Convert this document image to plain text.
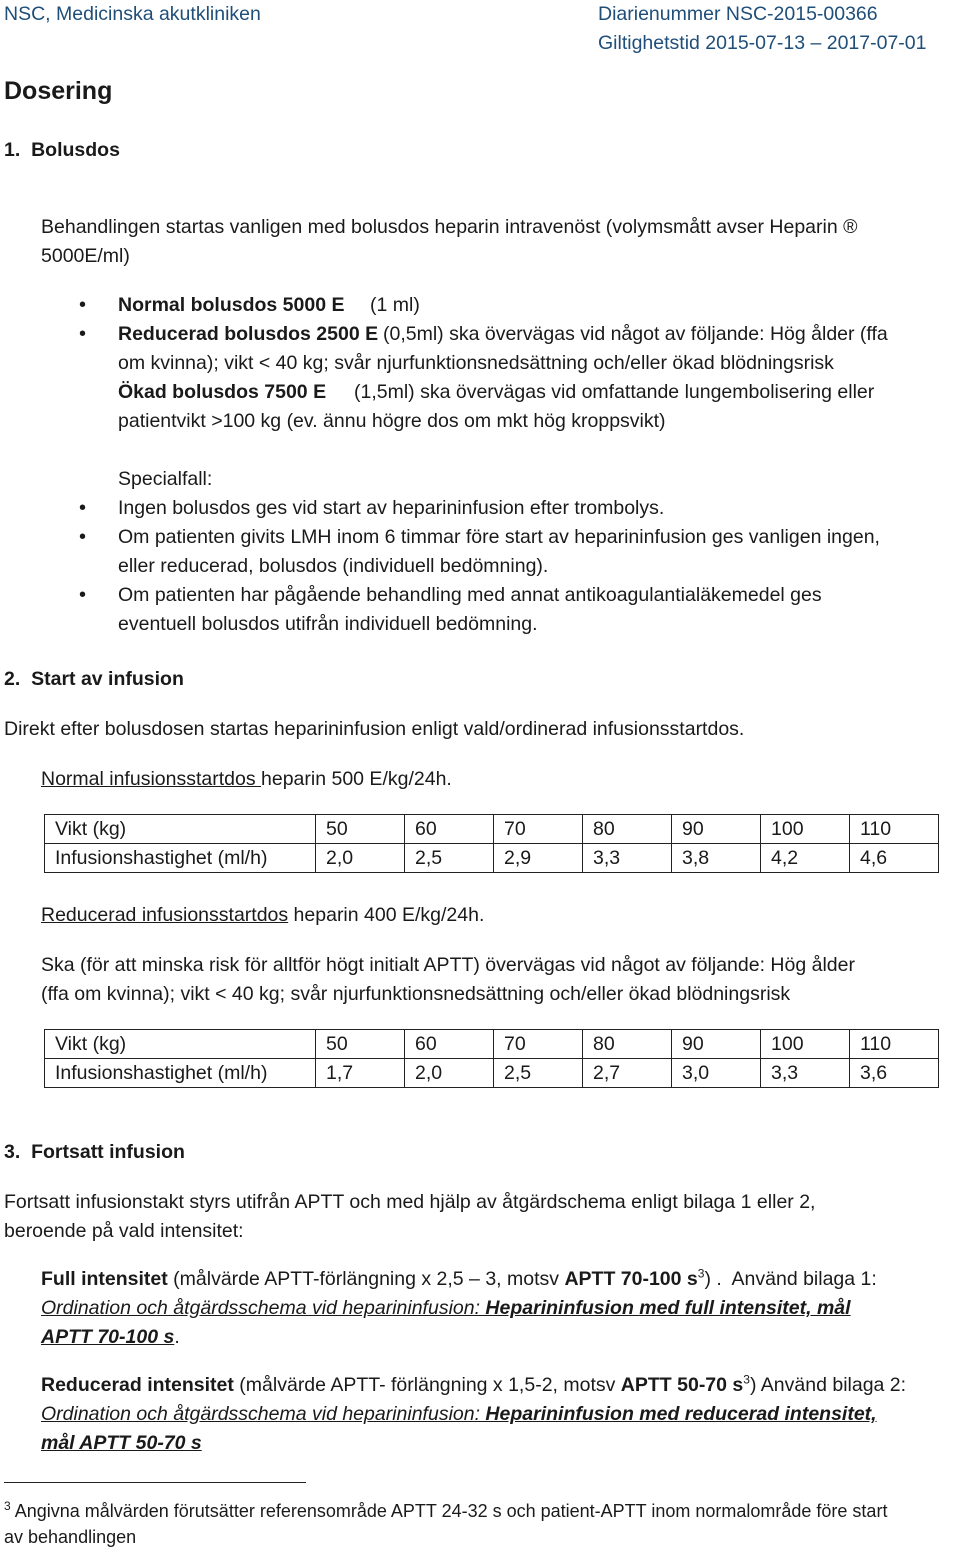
NSC, Medicinska akutkliniken	Diarienummer NSC-2015-00366
Giltighetstid 2015-07-13 – 2017-07-01
Dosering
1.  Bolusdos
Behandlingen startas vanligen med bolusdos heparin intravenöst (volymsmått avser Heparin ®
5000E/ml)
Normal bolusdos 5000 E (1 ml)
Reducerad bolusdos 2500 E (0,5ml) ska övervägas vid något av följande: Hög ålder (ffa
om kvinna); vikt < 40 kg; svår njurfunktionsnedsättning och/eller ökad blödningsrisk
Ökad bolusdos 7500 E (1,5ml) ska övervägas vid omfattande lungembolisering eller
patientvikt >100 kg (ev. ännu högre dos om mkt hög kroppsvikt)
Specialfall:
Ingen bolusdos ges vid start av heparininfusion efter trombolys.
Om patienten givits LMH inom 6 timmar före start av heparininfusion ges vanligen ingen,
eller reducerad, bolusdos (individuell bedömning).
Om patienten har pågående behandling med annat antikoagulantialäkemedel ges
eventuell bolusdos utifrån individuell bedömning.
2.  Start av infusion
Direkt efter bolusdosen startas heparininfusion enligt vald/ordinerad infusionsstartdos.
Normal infusionsstartdos heparin 500 E/kg/24h.
Vikt (kg)	50	60	70	80	90	100	110
Infusionshastighet (ml/h)	2,0	2,5	2,9	3,3	3,8	4,2	4,6
Reducerad infusionsstartdos heparin 400 E/kg/24h.
Ska (för att minska risk för alltför högt initialt APTT) övervägas vid något av följande: Hög ålder
(ffa om kvinna); vikt < 40 kg; svår njurfunktionsnedsättning och/eller ökad blödningsrisk
Vikt (kg)	50	60	70	80	90	100	110
Infusionshastighet (ml/h)	1,7	2,0	2,5	2,7	3,0	3,3	3,6
3.  Fortsatt infusion
Fortsatt infusionstakt styrs utifrån APTT och med hjälp av åtgärdschema enligt bilaga 1 eller 2,
beroende på vald intensitet:
Full intensitet (målvärde APTT-förlängning x 2,5 – 3, motsv APTT 70-100 $s^3$) .  Använd bilaga 1:
Ordination och åtgärdsschema vid heparininfusion: Heparininfusion med full intensitet, mål
APTT 70-100 s.
Reducerad intensitet (målvärde APTT- förlängning x 1,5-2, motsv APTT 50-70 $s^3$) Använd bilaga 2:
Ordination och åtgärdsschema vid heparininfusion: Heparininfusion med reducerad intensitet,
mål APTT 50-70 s
$^3$ Angivna målvärden förutsätter referensområde APTT 24-32 s och patient-APTT inom normalområde före start
av behandlingen
